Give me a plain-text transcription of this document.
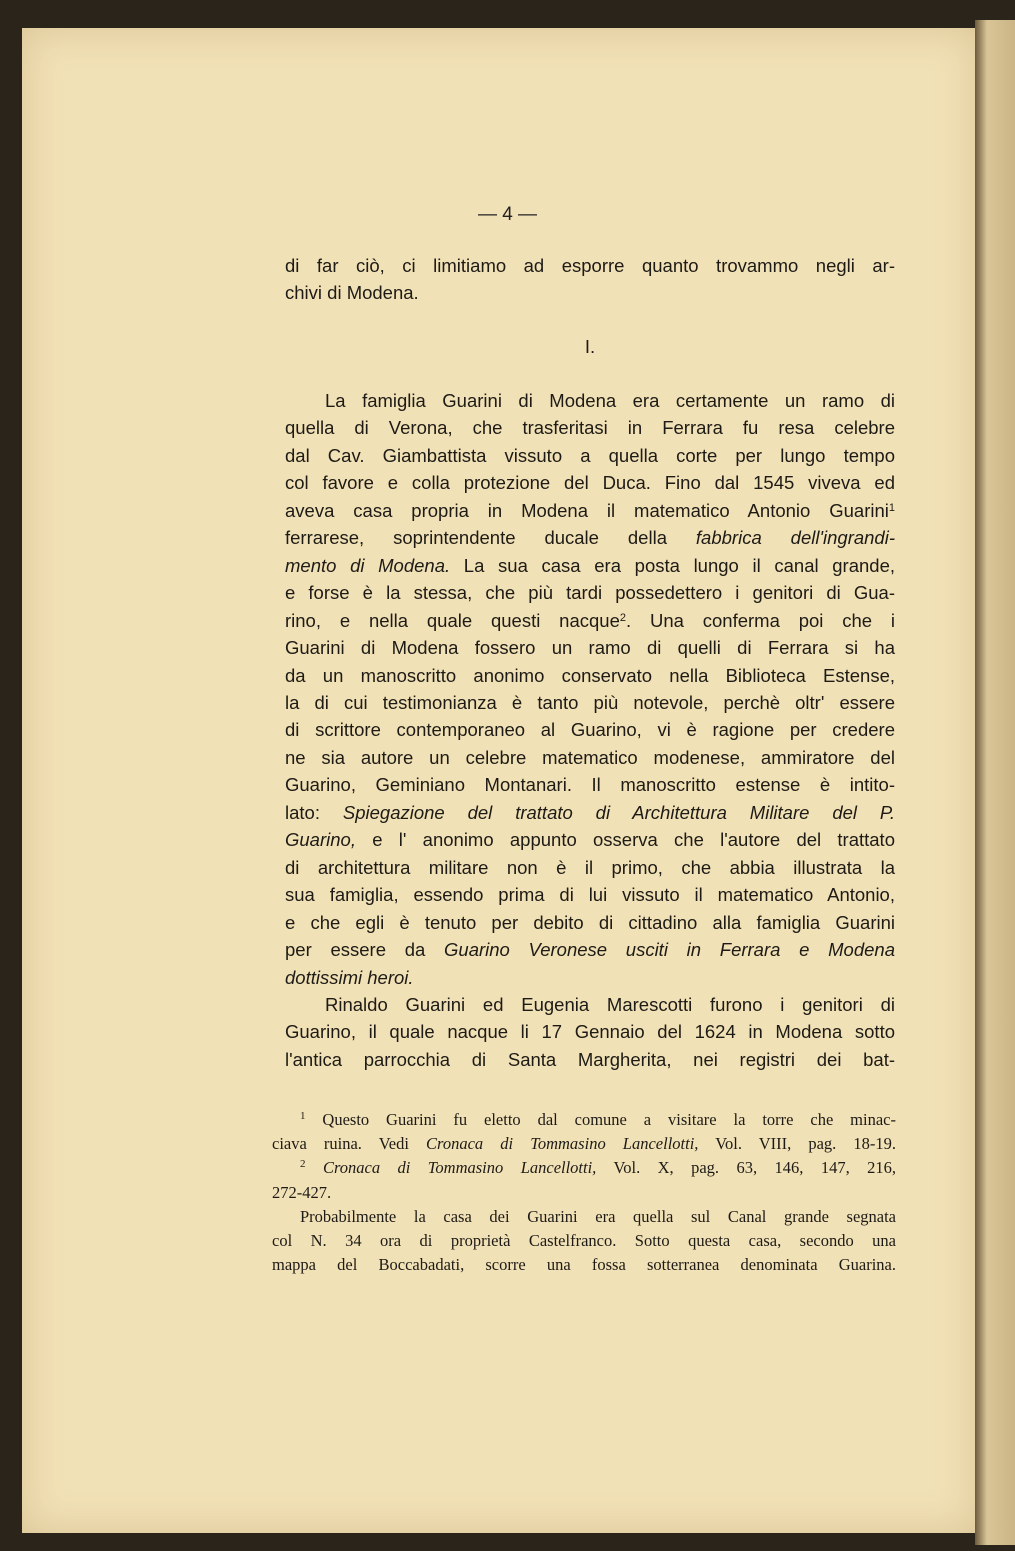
— 4 —
di far ciò, ci limitiamo ad esporre quanto trovammo negli ar-
chivi di Modena.
I.
La famiglia Guarini di Modena era certamente un ramo di
quella di Verona, che trasferitasi in Ferrara fu resa celebre
dal Cav. Giambattista vissuto a quella corte per lungo tempo
col favore e colla protezione del Duca. Fino dal 1545 viveva ed
aveva casa propria in Modena il matematico Antonio Guarini$^1$
ferrarese, soprintendente ducale della fabbrica dell'ingrandi-
mento di Modena. La sua casa era posta lungo il canal grande,
e forse è la stessa, che più tardi possedettero i genitori di Gua-
rino, e nella quale questi nacque$^2$. Una conferma poi che i
Guarini di Modena fossero un ramo di quelli di Ferrara si ha
da un manoscritto anonimo conservato nella Biblioteca Estense,
la di cui testimonianza è tanto più notevole, perchè oltr' essere
di scrittore contemporaneo al Guarino, vi è ragione per credere
ne sia autore un celebre matematico modenese, ammiratore del
Guarino, Geminiano Montanari. Il manoscritto estense è intito-
lato: Spiegazione del trattato di Architettura Militare del P.
Guarino, e l' anonimo appunto osserva che l'autore del trattato
di architettura militare non è il primo, che abbia illustrata la
sua famiglia, essendo prima di lui vissuto il matematico Antonio,
e che egli è tenuto per debito di cittadino alla famiglia Guarini
per essere da Guarino Veronese usciti in Ferrara e Modena
dottissimi heroi.
Rinaldo Guarini ed Eugenia Marescotti furono i genitori di
Guarino, il quale nacque li 17 Gennaio del 1624 in Modena sotto
l'antica parrocchia di Santa Margherita, nei registri dei bat-
$^1$ Questo Guarini fu eletto dal comune a visitare la torre che minac-
ciava ruina. Vedi Cronaca di Tommasino Lancellotti, Vol. VIII, pag. 18-19.
$^2$ Cronaca di Tommasino Lancellotti, Vol. X, pag. 63, 146, 147, 216,
272-427.
Probabilmente la casa dei Guarini era quella sul Canal grande segnata
col N. 34 ora di proprietà Castelfranco. Sotto questa casa, secondo una
mappa del Boccabadati, scorre una fossa sotterranea denominata Guarina.
